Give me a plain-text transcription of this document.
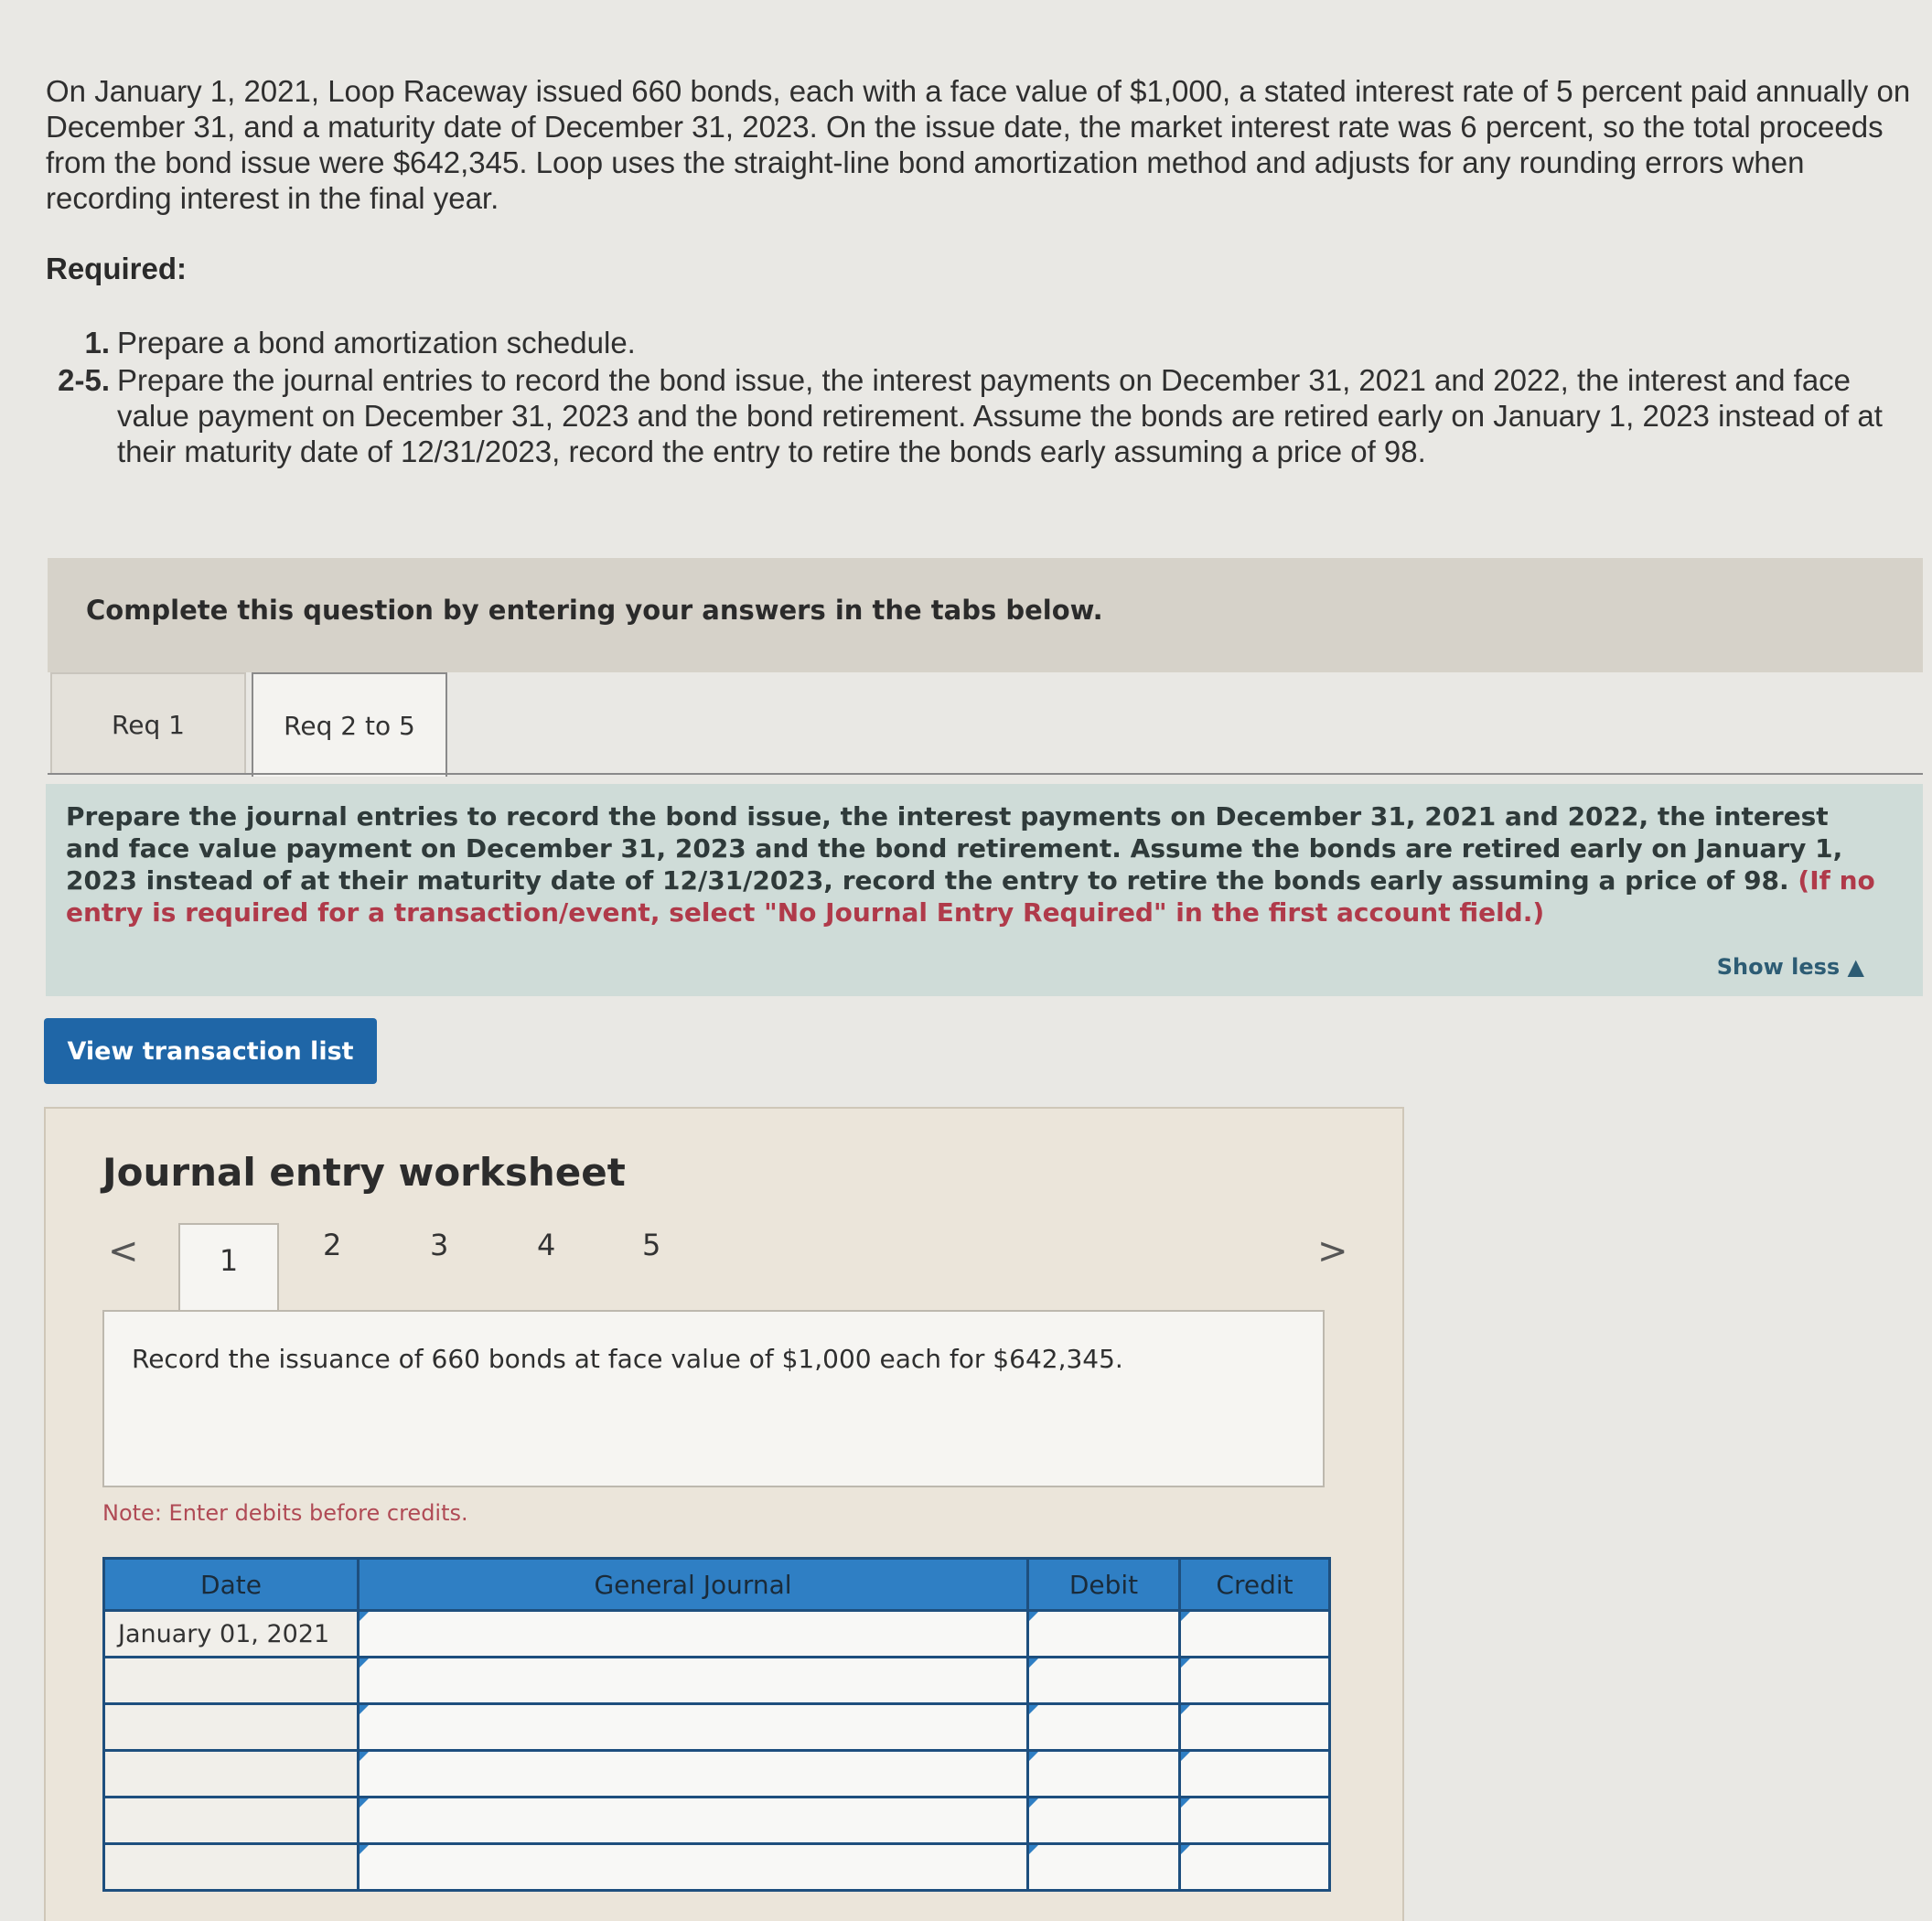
On January 1, 2021, Loop Raceway issued 660 bonds, each with a face value of $1,000, a stated interest rate of 5 percent paid annually on December 31, and a maturity date of December 31, 2023. On the issue date, the market interest rate was 6 percent, so the total proceeds from the bond issue were $642,345. Loop uses the straight-line bond amortization method and adjusts for any rounding errors when recording interest in the final year.
Required:
1. Prepare a bond amortization schedule.
2-5. Prepare the journal entries to record the bond issue, the interest payments on December 31, 2021 and 2022, the interest and face value payment on December 31, 2023 and the bond retirement. Assume the bonds are retired early on January 1, 2023 instead of at their maturity date of 12/31/2023, record the entry to retire the bonds early assuming a price of 98.
Complete this question by entering your answers in the tabs below.
Req 1	Req 2 to 5

Prepare the journal entries to record the bond issue, the interest payments on December 31, 2021 and 2022, the interest and face value payment on December 31, 2023 and the bond retirement. Assume the bonds are retired early on January 1, 2023 instead of at their maturity date of 12/31/2023, record the entry to retire the bonds early assuming a price of 98. (If no entry is required for a transaction/event, select "No Journal Entry Required" in the first account field.)

Show less ▲
View transaction list
Journal entry worksheet
<	1	2	3	4	5	>
Record the issuance of 660 bonds at face value of $1,000 each for $642,345.
Note: Enter debits before credits.
Date	General Journal	Debit	Credit
January 01, 2021	
